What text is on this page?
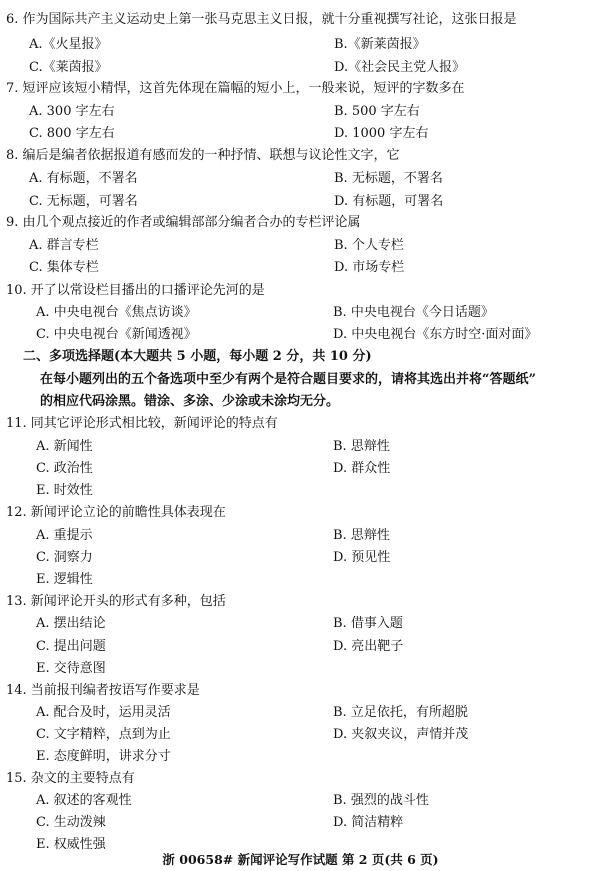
6. 作为国际共产主义运动史上第一张马克思主义日报，就十分重视撰写社论，这张日报是
A.《火星报》	B.《新莱茵报》
C.《莱茵报》	D.《社会民主党人报》
7. 短评应该短小精悍，这首先体现在篇幅的短小上，一般来说，短评的字数多在
A. 300 字左右	B. 500 字左右
C. 800 字左右	D. 1000 字左右
8. 编后是编者依据报道有感而发的一种抒情、联想与议论性文字，它
A. 有标题，不署名	B. 无标题，不署名
C. 无标题，可署名	D. 有标题，可署名
9. 由几个观点接近的作者或编辑部部分编者合办的专栏评论属
A. 群言专栏	B. 个人专栏
C. 集体专栏	D. 市场专栏
10. 开了以常设栏目播出的口播评论先河的是
A. 中央电视台《焦点访谈》	B. 中央电视台《今日话题》
C. 中央电视台《新闻透视》	D. 中央电视台《东方时空·面对面》
二、多项选择题(本大题共 5 小题，每小题 2 分，共 10 分)
在每小题列出的五个备选项中至少有两个是符合题目要求的，请将其选出并将“答题纸”
的相应代码涂黑。错涂、多涂、少涂或未涂均无分。
11. 同其它评论形式相比较，新闻评论的特点有
A. 新闻性	B. 思辩性
C. 政治性	D. 群众性
E. 时效性
12. 新闻评论立论的前瞻性具体表现在
A. 重提示	B. 思辩性
C. 洞察力	D. 预见性
E. 逻辑性
13. 新闻评论开头的形式有多种，包括
A. 摆出结论	B. 借事入题
C. 提出问题	D. 亮出靶子
E. 交待意图
14. 当前报刊编者按语写作要求是
A. 配合及时，运用灵活	B. 立足依托，有所超脱
C. 文字精粹，点到为止	D. 夹叙夹议，声情并茂
E. 态度鲜明，讲求分寸
15. 杂文的主要特点有
A. 叙述的客观性	B. 强烈的战斗性
C. 生动泼辣	D. 简洁精粹
E. 权威性强
浙 00658# 新闻评论写作试题 第 2 页(共 6 页)
